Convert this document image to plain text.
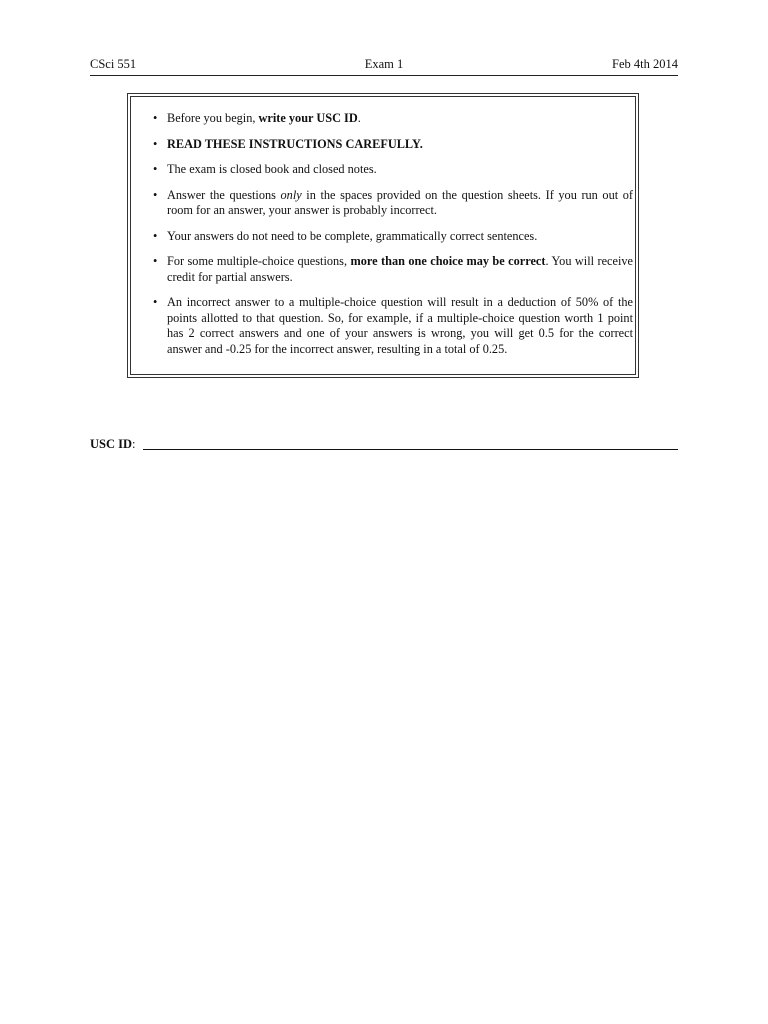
CSci 551	Exam 1	Feb 4th 2014
• Before you begin, write your USC ID.
• READ THESE INSTRUCTIONS CAREFULLY.
• The exam is closed book and closed notes.
• Answer the questions only in the spaces provided on the question sheets. If you run out of room for an answer, your answer is probably incorrect.
• Your answers do not need to be complete, grammatically correct sentences.
• For some multiple-choice questions, more than one choice may be correct. You will receive credit for partial answers.
• An incorrect answer to a multiple-choice question will result in a deduction of 50% of the points allotted to that question. So, for example, if a multiple-choice question worth 1 point has 2 correct answers and one of your answers is wrong, you will get 0.5 for the correct answer and -0.25 for the incorrect answer, resulting in a total of 0.25.
USC ID:
